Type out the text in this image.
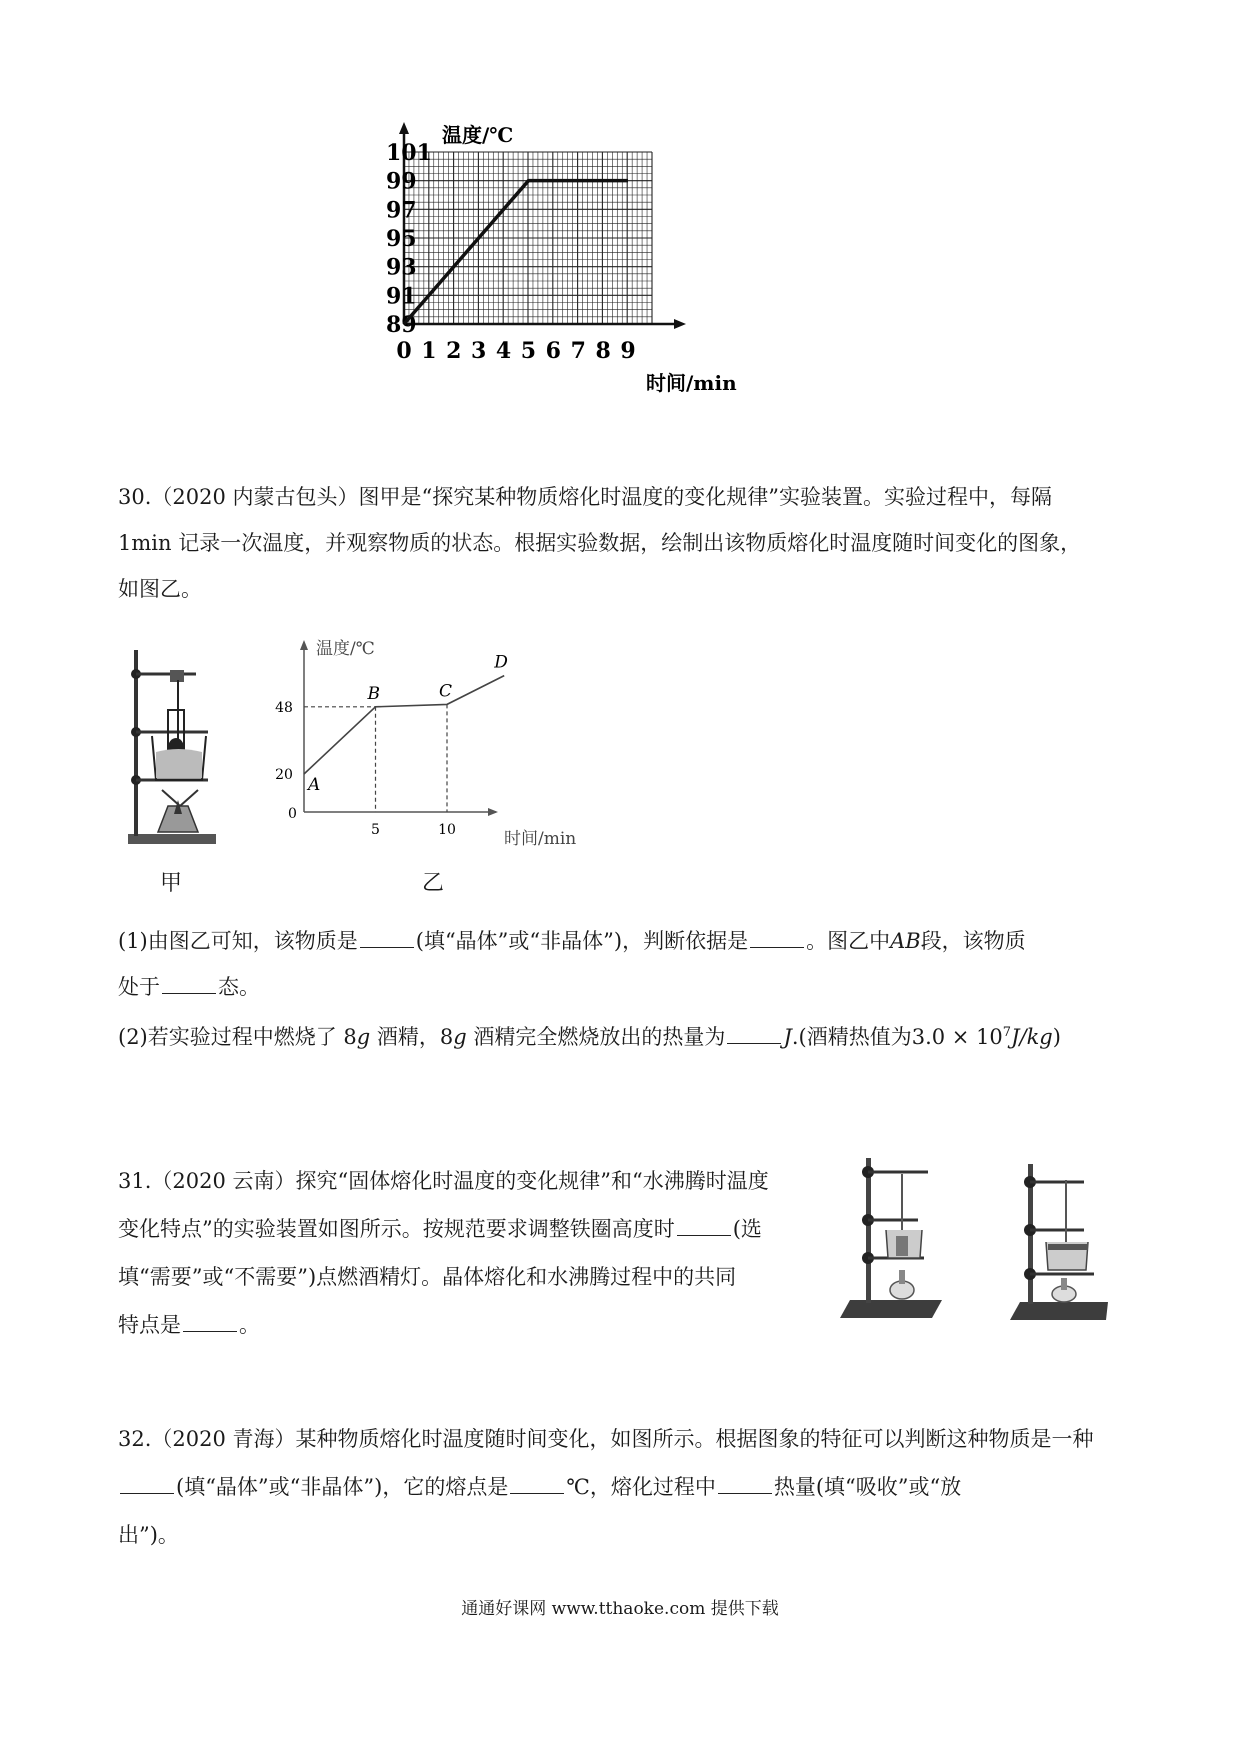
0 1 2 3 4 5 6 7 8 9
89
91
93
95
97
99
101
温度/℃
时间/min
30.（2020 内蒙古包头）图甲是“探究某种物质熔化时温度的变化规律”实验装置。实验过程中，每隔
1min 记录一次温度，并观察物质的状态。根据实验数据，绘制出该物质熔化时温度随时间变化的图象，
如图乙。
甲
0
5	10
20
48
A
B	C
D
温度/℃
时间/min
乙
(1)由图乙可知，该物质是	(填“晶体”或“非晶体”)，判断依据是	。图乙中AB段，该物质
处于	态。
(2)若实验过程中燃烧了 8g 酒精，8g 酒精完全燃烧放出的热量为	J.(酒精热值为$3.0 \times 10^7J/kg$)
31.（2020 云南）探究“固体熔化时温度的变化规律”和“水沸腾时温度
变化特点”的实验装置如图所示。按规范要求调整铁圈高度时	(选
填“需要”或“不需要”)点燃酒精灯。晶体熔化和水沸腾过程中的共同
特点是	。
32.（2020 青海）某种物质熔化时温度随时间变化，如图所示。根据图象的特征可以判断这种物质是一种
(填“晶体”或“非晶体”)，它的熔点是	℃，熔化过程中	热量(填“吸收”或“放
出”)。
通通好课网 www.tthaoke.com 提供下载
